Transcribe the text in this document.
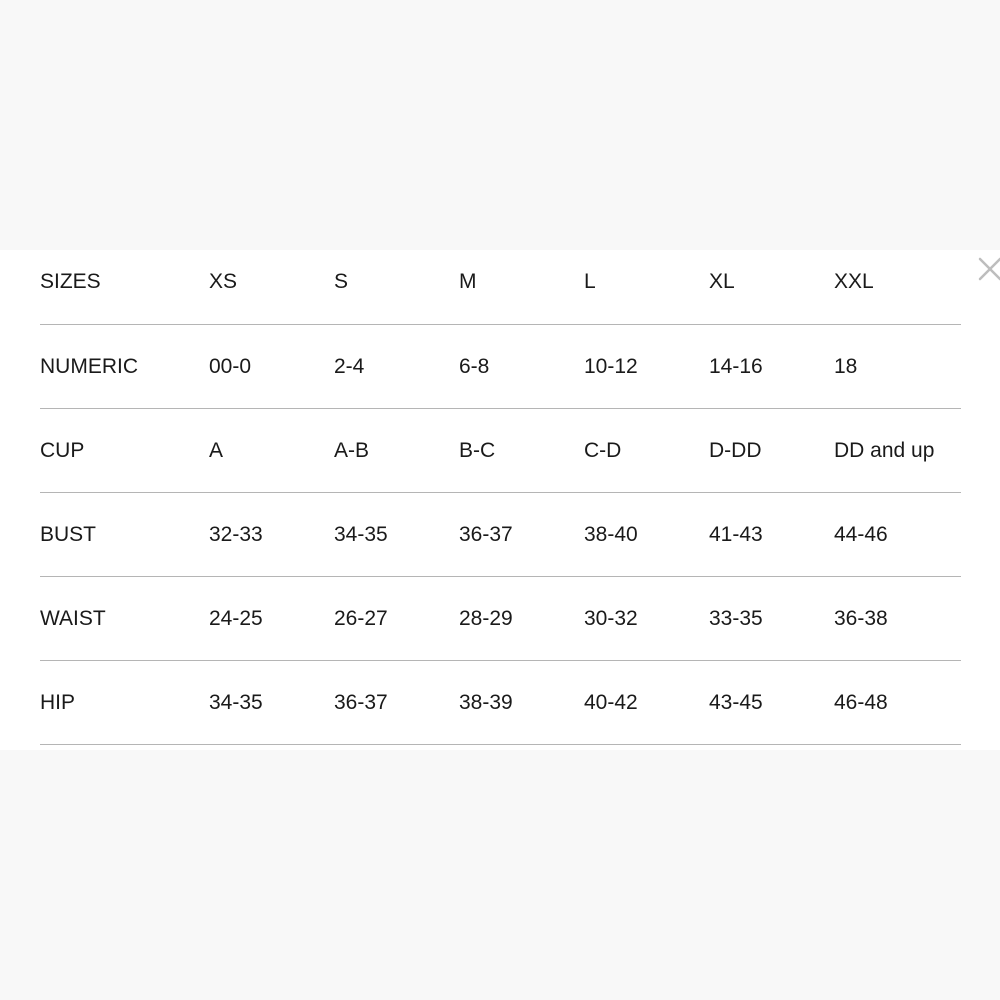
SIZES	XS	S	M	L	XL	XXL
NUMERIC	00-0	2-4	6-8	10-12	14-16	18
CUP	A	A-B	B-C	C-D	D-DD	DD and up
BUST	32-33	34-35	36-37	38-40	41-43	44-46
WAIST	24-25	26-27	28-29	30-32	33-35	36-38
HIP	34-35	36-37	38-39	40-42	43-45	46-48
